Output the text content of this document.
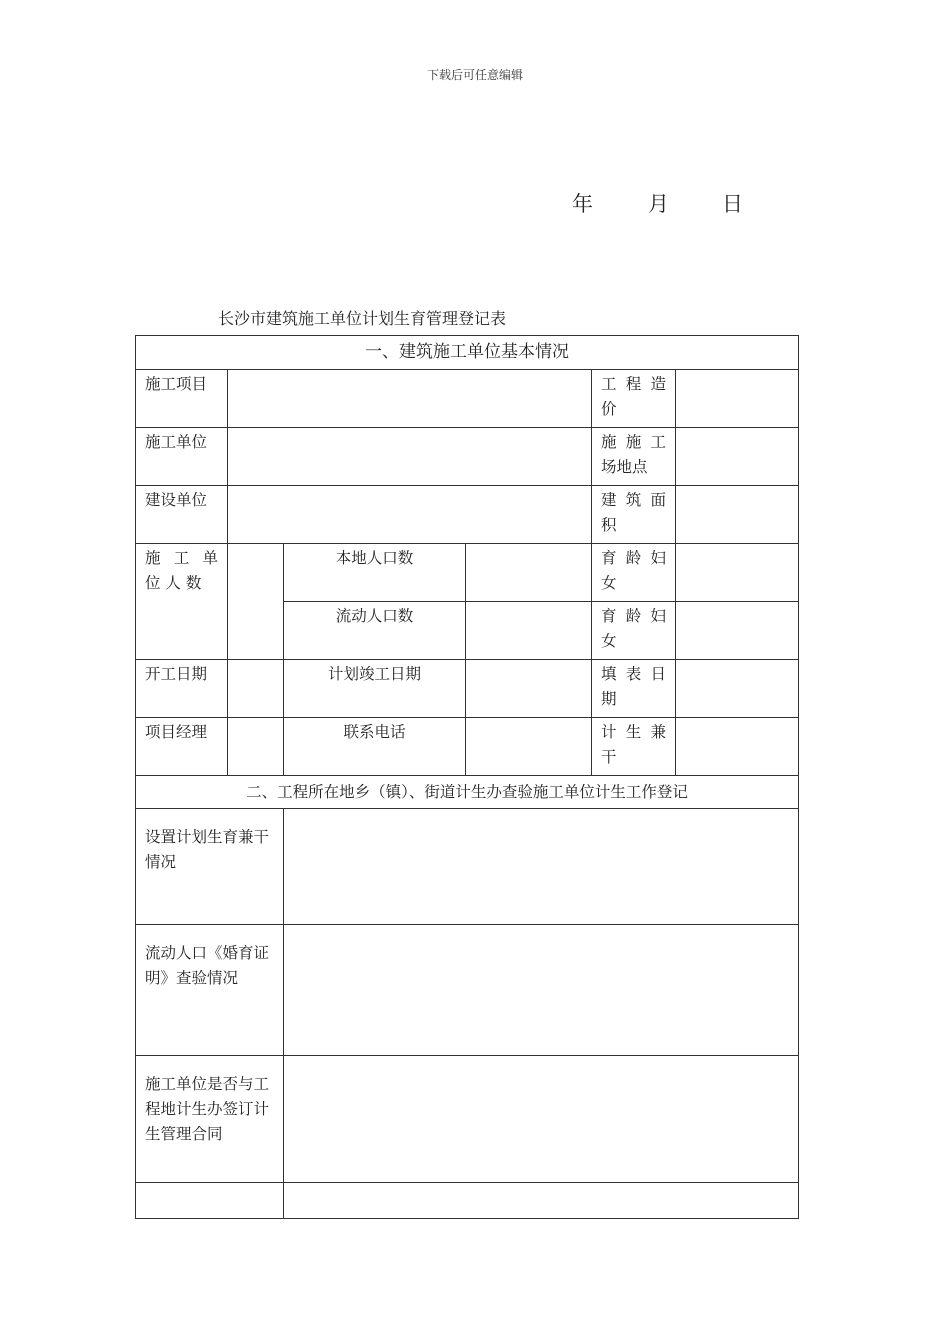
下载后可任意编辑
年	月	日
长沙市建筑施工单位计划生育管理登记表
一、建筑施工单位基本情况					

施工项目				工 程 造 价	

施工单位				施 施 工 场地点	

建设单位				建 筑 面 积	

施 工 单 位 人 数		本地人口数		育 龄 妇 女	

		流动人口数		育 龄 妇 女	

开工日期		计划竣工日期		填 表 日 期	

项目经理		联系电话		计 生 兼 干	

二、工程所在地乡（镇）、街道计生办查验施工单位计生工作登记					

设置计划生育兼干情况					

流动人口《婚育证明》查验情况					

施工单位是否与工程地计生办签订计生管理合同					
